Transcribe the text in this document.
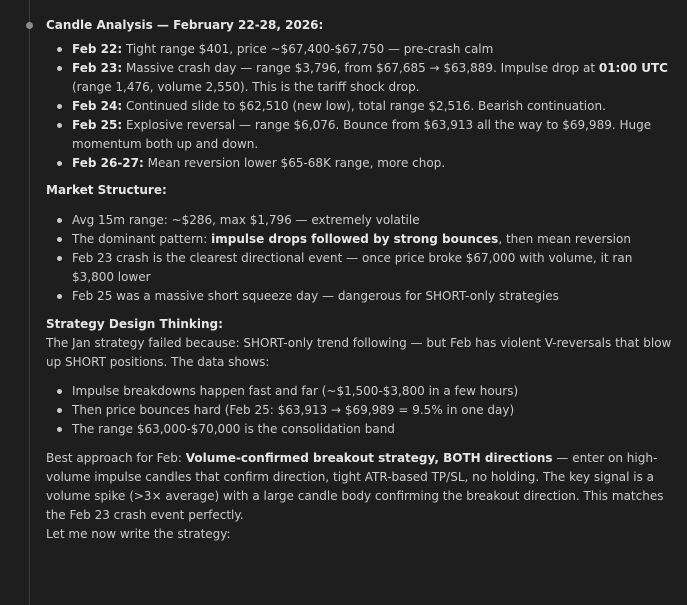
Candle Analysis — February 22-28, 2026:

Feb 22: Tight range $401, price ~$67,400-$67,750 — pre-crash calm
Feb 23: Massive crash day — range $3,796, from $67,685 → $63,889. Impulse drop at 01:00 UTC (range 1,476, volume 2,550). This is the tariff shock drop.
Feb 24: Continued slide to $62,510 (new low), total range $2,516. Bearish continuation.
Feb 25: Explosive reversal — range $6,076. Bounce from $63,913 all the way to $69,989. Huge momentum both up and down.
Feb 26-27: Mean reversion lower $65-68K range, more chop.

Market Structure:

Avg 15m range: ~$286, max $1,796 — extremely volatile
The dominant pattern: impulse drops followed by strong bounces, then mean reversion
Feb 23 crash is the clearest directional event — once price broke $67,000 with volume, it ran $3,800 lower
Feb 25 was a massive short squeeze day — dangerous for SHORT-only strategies

Strategy Design Thinking:

The Jan strategy failed because: SHORT-only trend following — but Feb has violent V-reversals that blow up SHORT positions. The data shows:

Impulse breakdowns happen fast and far (~$1,500-$3,800 in a few hours)
Then price bounces hard (Feb 25: $63,913 → $69,989 = 9.5% in one day)
The range $63,000-$70,000 is the consolidation band

Best approach for Feb: Volume-confirmed breakout strategy, BOTH directions — enter on high-volume impulse candles that confirm direction, tight ATR-based TP/SL, no holding. The key signal is a volume spike (>3× average) with a large candle body confirming the breakout direction. This matches the Feb 23 crash event perfectly.

Let me now write the strategy:
